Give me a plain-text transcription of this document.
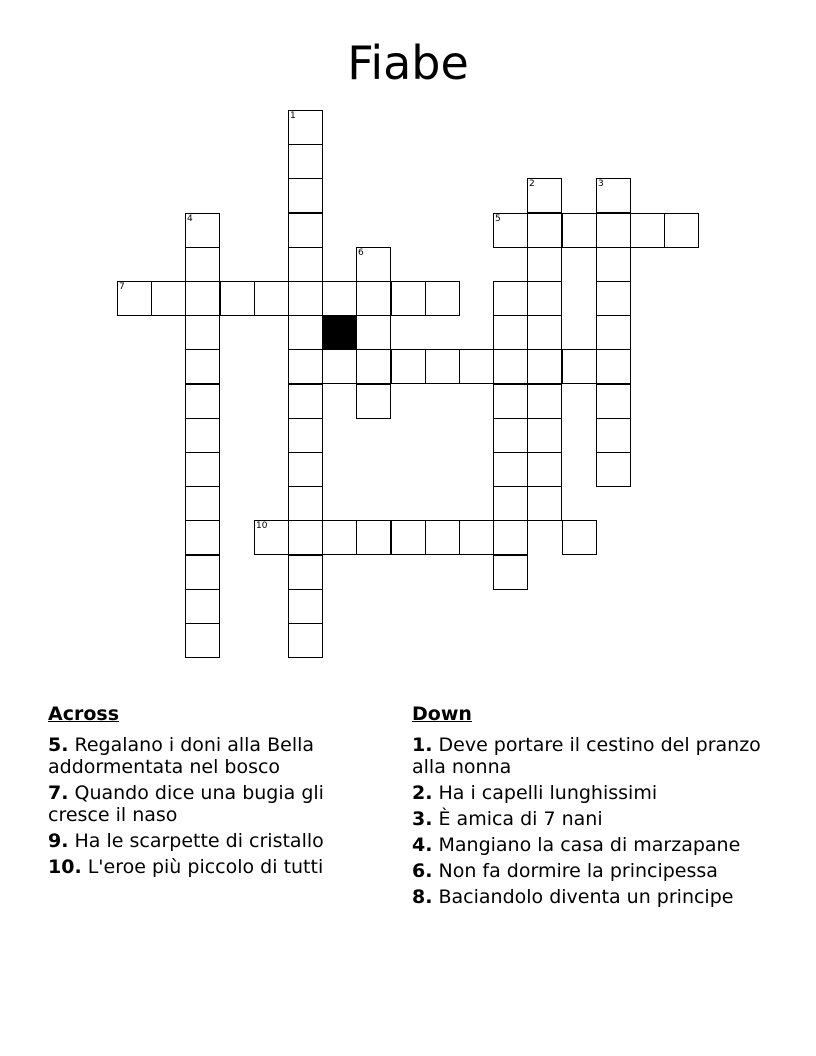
Fiabe
1
2	3
4	5
6
7
10
Across
5. Regalano i doni alla Bella addormentata nel bosco
7. Quando dice una bugia gli cresce il naso
9. Ha le scarpette di cristallo
10. L'eroe più piccolo di tutti
Down
1. Deve portare il cestino del pranzo alla nonna
2. Ha i capelli lunghissimi
3. È amica di 7 nani
4. Mangiano la casa di marzapane
6. Non fa dormire la principessa
8. Baciandolo diventa un principe
